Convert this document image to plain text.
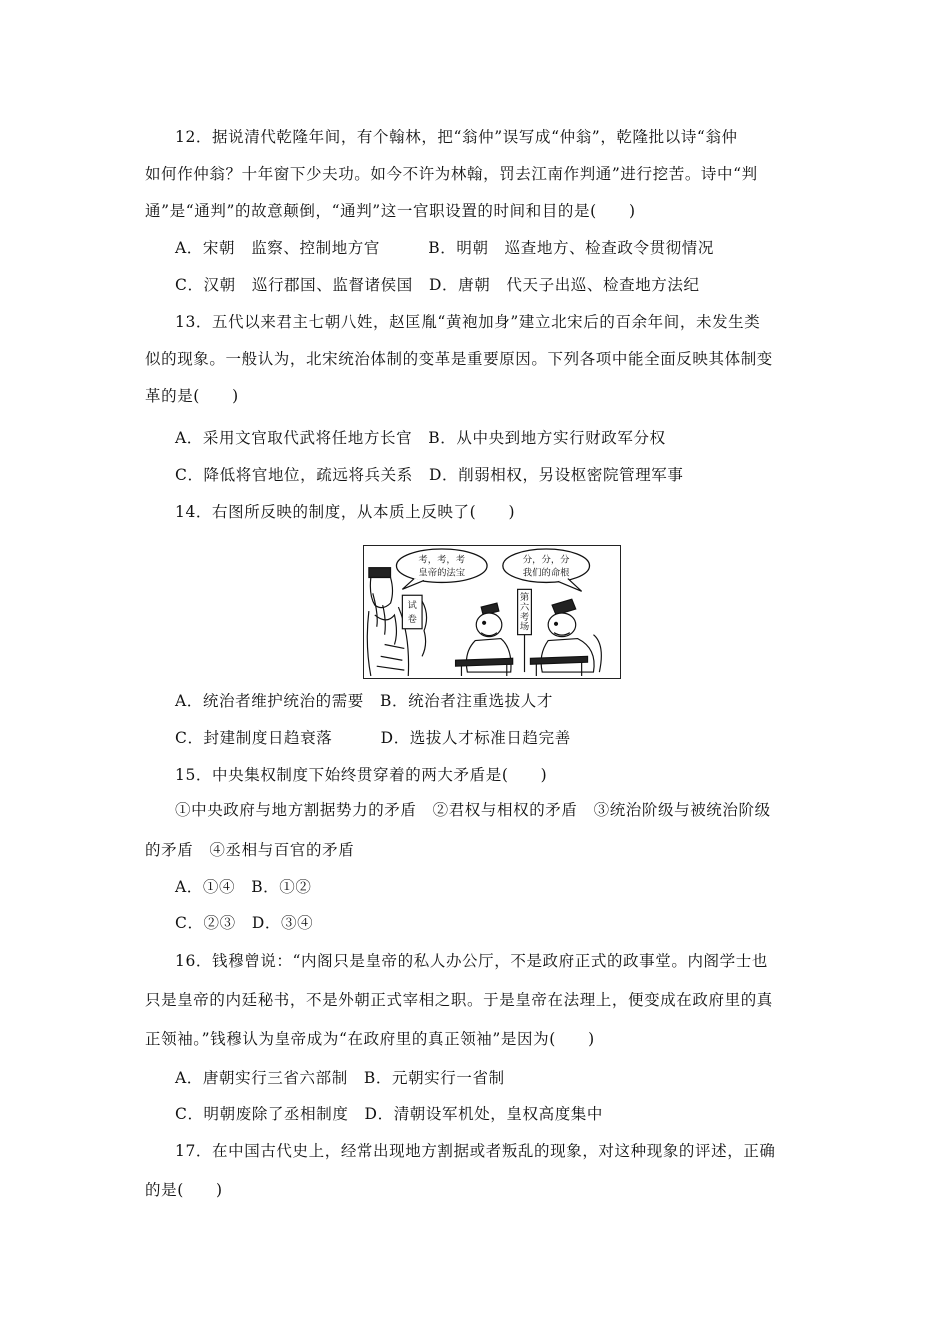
12．据说清代乾隆年间，有个翰林，把“翁仲”误写成“仲翁”，乾隆批以诗“翁仲
如何作仲翁？十年窗下少夫功。如今不许为林翰，罚去江南作判通”进行挖苦。诗中“判
通”是“通判”的故意颠倒，“通判”这一官职设置的时间和目的是(　　)
A．宋朝　监察、控制地方官　　　B．明朝　巡查地方、检查政令贯彻情况
C．汉朝　巡行郡国、监督诸侯国　D．唐朝　代天子出巡、检查地方法纪
13．五代以来君主七朝八姓，赵匡胤“黄袍加身”建立北宋后的百余年间，未发生类
似的现象。一般认为，北宋统治体制的变革是重要原因。下列各项中能全面反映其体制变
革的是(　　)
A．采用文官取代武将任地方长官　B．从中央到地方实行财政军分权
C．降低将官地位，疏远将兵关系　D．削弱相权，另设枢密院管理军事
14．右图所反映的制度，从本质上反映了(　　)
考，考，考
皇帝的法宝
分，分，分
我们的命根
试
卷
第
六
考
场
A．统治者维护统治的需要　B．统治者注重选拔人才
C．封建制度日趋衰落　　　D．选拔人才标准日趋完善
15．中央集权制度下始终贯穿着的两大矛盾是(　　)
①中央政府与地方割据势力的矛盾　②君权与相权的矛盾　③统治阶级与被统治阶级
的矛盾　④丞相与百官的矛盾
A．①④　B．①②
C．②③　D．③④
16．钱穆曾说：“内阁只是皇帝的私人办公厅，不是政府正式的政事堂。内阁学士也
只是皇帝的内廷秘书，不是外朝正式宰相之职。于是皇帝在法理上，便变成在政府里的真
正领袖。”钱穆认为皇帝成为“在政府里的真正领袖”是因为(　　)
A．唐朝实行三省六部制　B．元朝实行一省制
C．明朝废除了丞相制度　D．清朝设军机处，皇权高度集中
17．在中国古代史上，经常出现地方割据或者叛乱的现象，对这种现象的评述，正确
的是(　　)
